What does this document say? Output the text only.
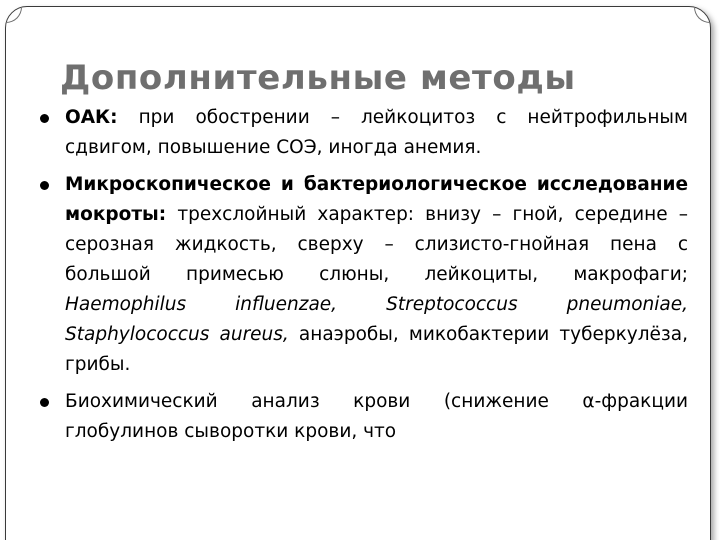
Дополнительные методы
ОАК: при обострении – лейкоцитоз с нейтрофильным сдвигом, повышение СОЭ, иногда анемия.
Микроскопическое и бактериологическое исследование мокроты: трехслойный характер: внизу – гной, середине – серозная жидкость, сверху – слизисто-гнойная пена с большой примесью слюны, лейкоциты, макрофаги; Haemophilus influenzae, Streptococcus pneumoniae, Staphylococcus aureus, анаэробы, микобактерии туберкулёза, грибы.
Биохимический анализ крови (снижение α-фракции глобулинов сыворотки крови, что
